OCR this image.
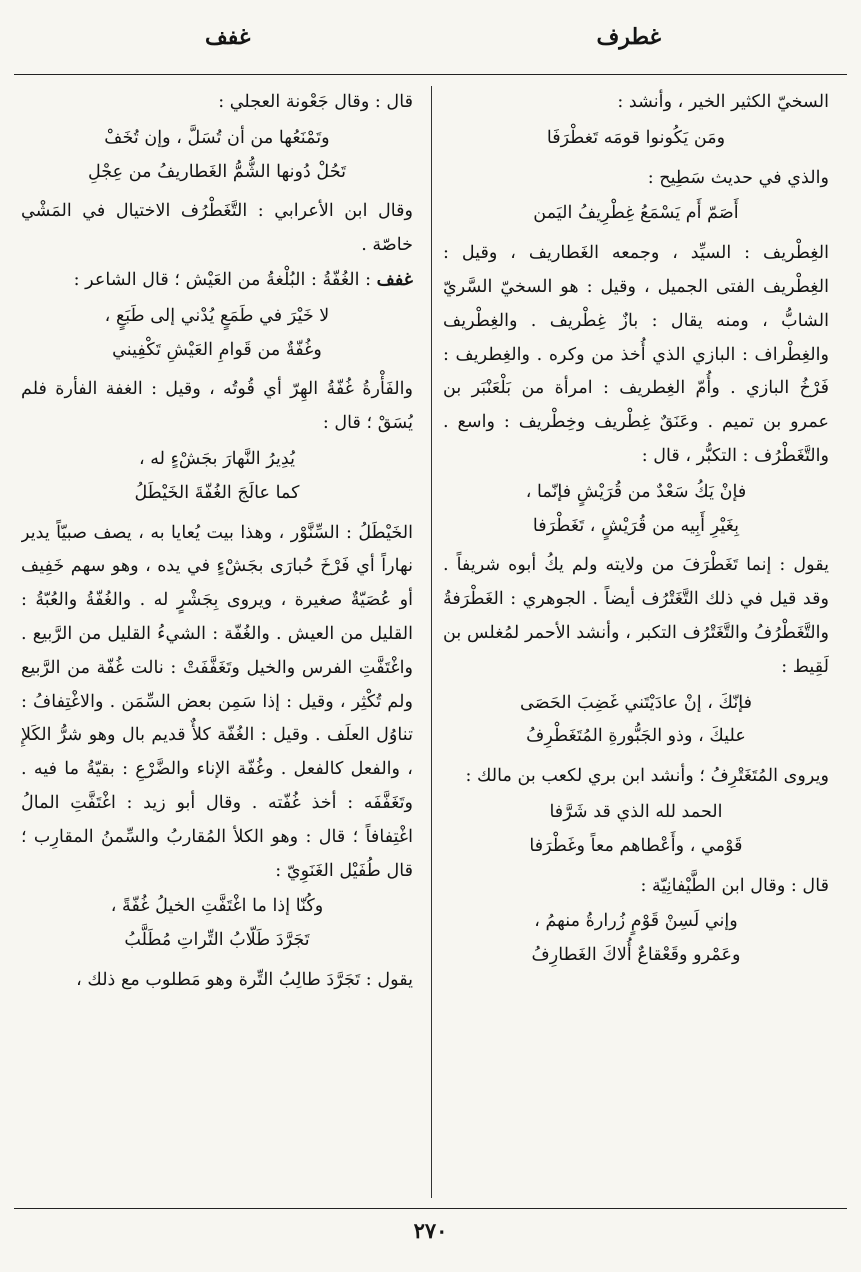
غطرف
غفف

السخيّ الكثير الخير ، وأنشد :

ومَن يَكُونوا قومَه تَغطْرَفَا

والذي في حديث سَطِيح :

أَصَمّ أَم يَسْمَعُ غِطْرِيفُ اليَمن

الغِطْريف : السيِّد ، وجمعه الغَطاريف ، وقيل : الغِطْريف الفتى الجميل ، وقيل : هو السخيّ السَّريّ الشابُّ ، ومنه يقال : بازٌ غِطْريف . والغِطْريف والغِطْراف : البازي الذي أُخذ من وكره . والغِطريف : فَرْخُ البازي . وأُمّ الغِطريف : امرأة من بَلْعَنْبَر بن عمرو بن تميم . وعَنَقٌ غِطْريف وخِطْريف : واسع . والتَّغَطْرُف : التكبُّر ، قال :

فإنْ يَكُ سَعْدٌ من قُرَيْشٍ فإنّما ،
بِغَيْرِ أَبِيه من قُرَيْشٍ ، تَغَطْرَفا

يقول : إنما تَغَطْرَفَ من ولايته ولم يكُ أبوه شريفاً . وقد قيل في ذلك التَّغَتْرُف أيضاً . الجوهري : الغَطْرَفةُ والتَّغَطْرُفُ والتَّغَتْرُف التكبر ، وأنشد الأحمر لمُغلس بن لَقِيط :

فإنّكَ ، إنْ عادَيْتَني غَضِبَ الحَصَى
عليكَ ، وذو الجَبُّورةِ المُتَغَطْرِفُ

ويروى المُتَغَتْرِفُ ؛ وأنشد ابن بري لكعب بن مالك :

الحمد لله الذي قد شَرَّفا
قَوْمي ، وأَعْطاهم معاً وغَطْرَفا

قال : وقال ابن الطَّيْفانِيّة :

وإني لَسِنْ قَوْمٍ زُرارةُ منهمُ ،
وعَمْرو وقَعْقاعٌ أُلاكَ الغَطارِفُ

قال : وقال جَعْونة العجلي :

وتَمْنَعُها من أن تُسَلَّ ، وإن تُخَفْ
تَحُلْ دُونها الشُّمُّ الغَطاريفُ من عِجْلِ

وقال ابن الأعرابي : التَّغَطْرُف الاختيال في المَشْي خاصّة .

غفف : الغُفّةُ : البُلْغةُ من العَيْش ؛ قال الشاعر :

لا خَيْرَ في طَمَعٍ يُدْني إلى طَبَعٍ ،
وغُفّةٌ من قَوامِ العَيْشِ تَكْفِيني

والفَأْرةُ غُفّةُ الهِرّ أي قُوتُه ، وقيل : الغفة الفأرة فلم يُسَقْ ؛ قال :

يُدِيرُ النَّهارَ بجَشْءٍ له ،
كما عالَجَ الغُفّةَ الخَيْطَلُ

الخَيْطَلُ : السِّنَّوْر ، وهذا بيت يُعايا به ، يصف صبيّاً يدير نهاراً أي فَرْخَ حُبارَى بجَشْءٍ في يده ، وهو سهم خَفِيف أو عُصَيّةٌ صغيرة ، ويروى بِجَشْرٍ له . والغُفّةُ والعُبّةُ : القليل من العيش . والغُفّة : الشيءُ القليل من الرَّبيع . واغْتَفَّتِ الفرس والخيل وتَغَفَّفَتْ : نالت غُفّة من الرَّبيع ولم تُكْثِر ، وقيل : إذا سَمِن بعض السِّمَن . والاغْتِفافُ : تناوُل العلَف . وقيل : الغُفّة كلأٌ قديم بال وهو شرُّ الكَلإِ ، والفعل كالفعل . وغُفّة الإناء والضَّرْعِ : بقيّةُ ما فيه . وتَغَفَّفَه : أخذ غُفّته . وقال أبو زيد : اغْتَفَّتِ المالُ اغْتِفافاً ؛ قال : وهو الكلأ المُقاربُ والسِّمنُ المقارِب ؛ قال طُفَيْل الغَنَوِيّ :

وكُنّا إذا ما اغْتَفَّتِ الخيلُ غُفّةً ،
تَجَرَّدَ طَلّابُ التِّراتِ مُطَلَّبُ

يقول : تَجَرَّدَ طالِبُ التِّرة وهو مَطلوب مع ذلك ،

٢٧٠
